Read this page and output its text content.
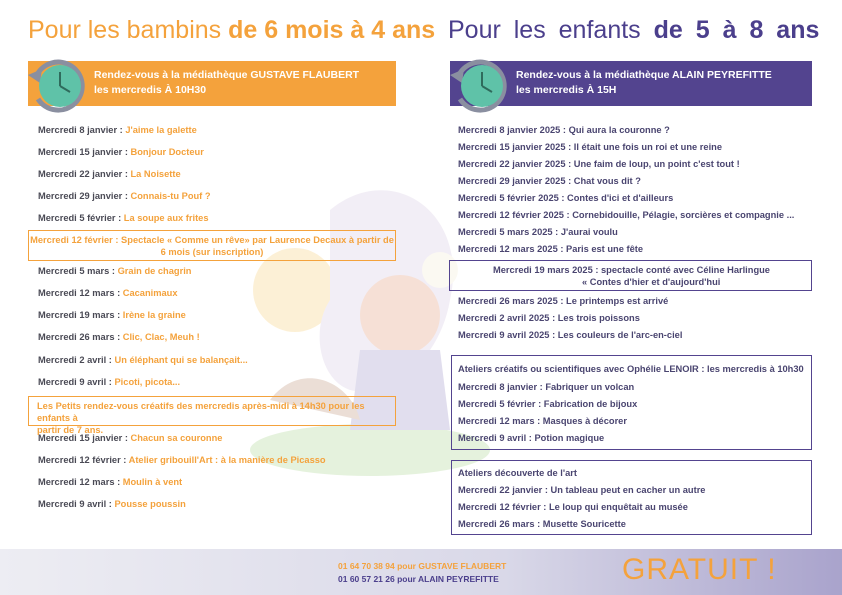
Pour les bambins de 6 mois à 4 ans Pour les enfants de 5 à 8 ans
Rendez-vous à la médiathèque GUSTAVE FLAUBERT
les mercredis À 10H30
Rendez-vous à la médiathèque ALAIN PEYREFITTE
les mercredis À 15H
Mercredi 8 janvier : J'aime la galette
Mercredi 15 janvier : Bonjour Docteur
Mercredi 22 janvier : La Noisette
Mercredi 29 janvier : Connais-tu Pouf ?
Mercredi 5 février : La soupe aux frites
Mercredi 5 mars : Grain de chagrin
Mercredi 12 mars : Cacanimaux
Mercredi 19 mars : Irène la graine
Mercredi 26 mars : Clic, Clac, Meuh !
Mercredi 2 avril : Un éléphant qui se balançait...
Mercredi 9 avril : Picoti, picota...
Mercredi 15 janvier : Chacun sa couronne
Mercredi 12 février : Atelier gribouill'Art : à la manière de Picasso
Mercredi 12 mars : Moulin à vent
Mercredi 9 avril : Pousse poussin
Mercredi 12 février : Spectacle « Comme un rêve» par Laurence Decaux à partir de
6 mois (sur inscription)
Les Petits rendez-vous créatifs des mercredis après-midi à 14h30 pour les enfants à
partir de 7 ans.
Mercredi 8 janvier 2025 : Qui aura la couronne ?
Mercredi 15 janvier 2025 : Il était une fois un roi et une reine
Mercredi 22 janvier 2025 : Une faim de loup, un point c'est tout !
Mercredi 29 janvier 2025 : Chat vous dit ?
Mercredi 5 février 2025 : Contes d'ici et d'ailleurs
Mercredi 12 février 2025 : Cornebidouille, Pélagie, sorcières et compagnie ...
Mercredi 5 mars 2025 : J'aurai voulu
Mercredi 12 mars 2025 : Paris est une fête
Mercredi 26 mars 2025 : Le printemps est arrivé
Mercredi 2 avril 2025 : Les trois poissons
Mercredi 9 avril 2025 : Les couleurs de l'arc-en-ciel
Mercredi 19 mars 2025 : spectacle conté avec Céline Harlingue
« Contes d'hier et d'aujourd'hui
Ateliers créatifs ou scientifiques avec Ophélie LENOIR : les mercredis à 10h30
Mercredi 8 janvier : Fabriquer un volcan
Mercredi 5 février : Fabrication de bijoux
Mercredi 12 mars : Masques à décorer
Mercredi 9 avril : Potion magique
Ateliers découverte de l'art
Mercredi 22 janvier : Un tableau peut en cacher un autre
Mercredi 12 février : Le loup qui enquêtait au musée
Mercredi 26 mars : Musette Souricette
01 64 70 38 94 pour GUSTAVE FLAUBERT
01 60 57 21 26 pour ALAIN PEYREFITTE	GRATUIT !
